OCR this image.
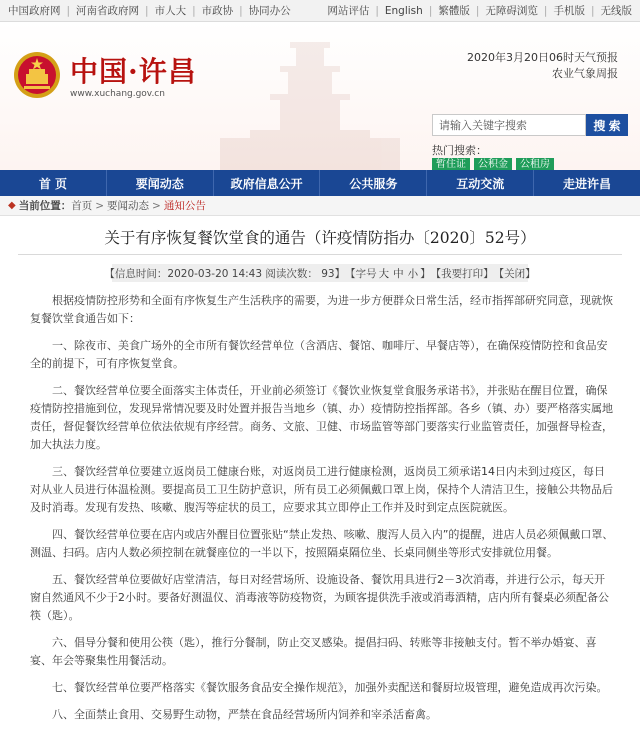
中国政府网 | 河南省政府网 | 市人大 | 市政协 | 协同办公	网站评估 | English | 繁體版 | 无障碍浏览 | 手机版 | 无线版
中国·许昌
www.xuchang.gov.cn
2020年3月20日06时天气预报
农业气象周报
请输入关键字搜索
搜 索
热门搜索：
暂住证	公积金	公租房
首 页	要闻动态	政府信息公开	公共服务	互动交流	走进许昌
◆ 当前位置： 首页 > 要闻动态 > 通知公告
关于有序恢复餐饮堂食的通告（许疫情防指办〔2020〕52号）
【信息时间：2020-03-20 14:43 阅读次数： 93】 【字号 大 中 小 】 【我要打印】 【关闭】

根据疫情防控形势和全面有序恢复生产生活秩序的需要，为进一步方便群众日常生活，经市指挥部研究同意，现就恢复餐饮堂食通告如下：

一、除夜市、美食广场外的全市所有餐饮经营单位（含酒店、餐馆、咖啡厅、早餐店等），在确保疫情防控和食品安全的前提下，可有序恢复堂食。

二、餐饮经营单位要全面落实主体责任，开业前必须签订《餐饮业恢复堂食服务承诺书》，并张贴在醒目位置，确保疫情防控措施到位，发现异常情况要及时处置并报告当地乡（镇、办）疫情防控指挥部。各乡（镇、办）要严格落实属地责任，督促餐饮经营单位依法依规有序经营。商务、文旅、卫健、市场监管等部门要落实行业监管责任，加强督导检查，加大执法力度。

三、餐饮经营单位要建立返岗员工健康台账，对返岗员工进行健康检测，返岗员工须承诺14日内未到过疫区，每日对从业人员进行体温检测。要提高员工卫生防护意识，所有员工必须佩戴口罩上岗，保持个人清洁卫生，接触公共物品后及时消毒。发现有发热、咳嗽、腹泻等症状的员工，应要求其立即停止工作并及时到定点医院就医。

四、餐饮经营单位要在店内或店外醒目位置张贴“禁止发热、咳嗽、腹泻人员入内”的提醒，进店人员必须佩戴口罩、测温、扫码。店内人数必须控制在就餐座位的一半以下，按照隔桌隔位坐、长桌同侧坐等形式安排就位用餐。

五、餐饮经营单位要做好店堂清洁，每日对经营场所、设施设备、餐饮用具进行2－3次消毒，并进行公示，每天开窗自然通风不少于2小时。要备好测温仪、消毒液等防疫物资，为顾客提供洗手液或消毒酒精，店内所有餐桌必须配备公筷（匙）。

六、倡导分餐和使用公筷（匙），推行分餐制，防止交叉感染。提倡扫码、转账等非接触支付。暂不举办婚宴、喜宴、年会等聚集性用餐活动。

七、餐饮经营单位要严格落实《餐饮服务食品安全操作规范》，加强外卖配送和餐厨垃圾管理，避免造成再次污染。

八、全面禁止食用、交易野生动物，严禁在食品经营场所内饲养和宰杀活畜禽。
